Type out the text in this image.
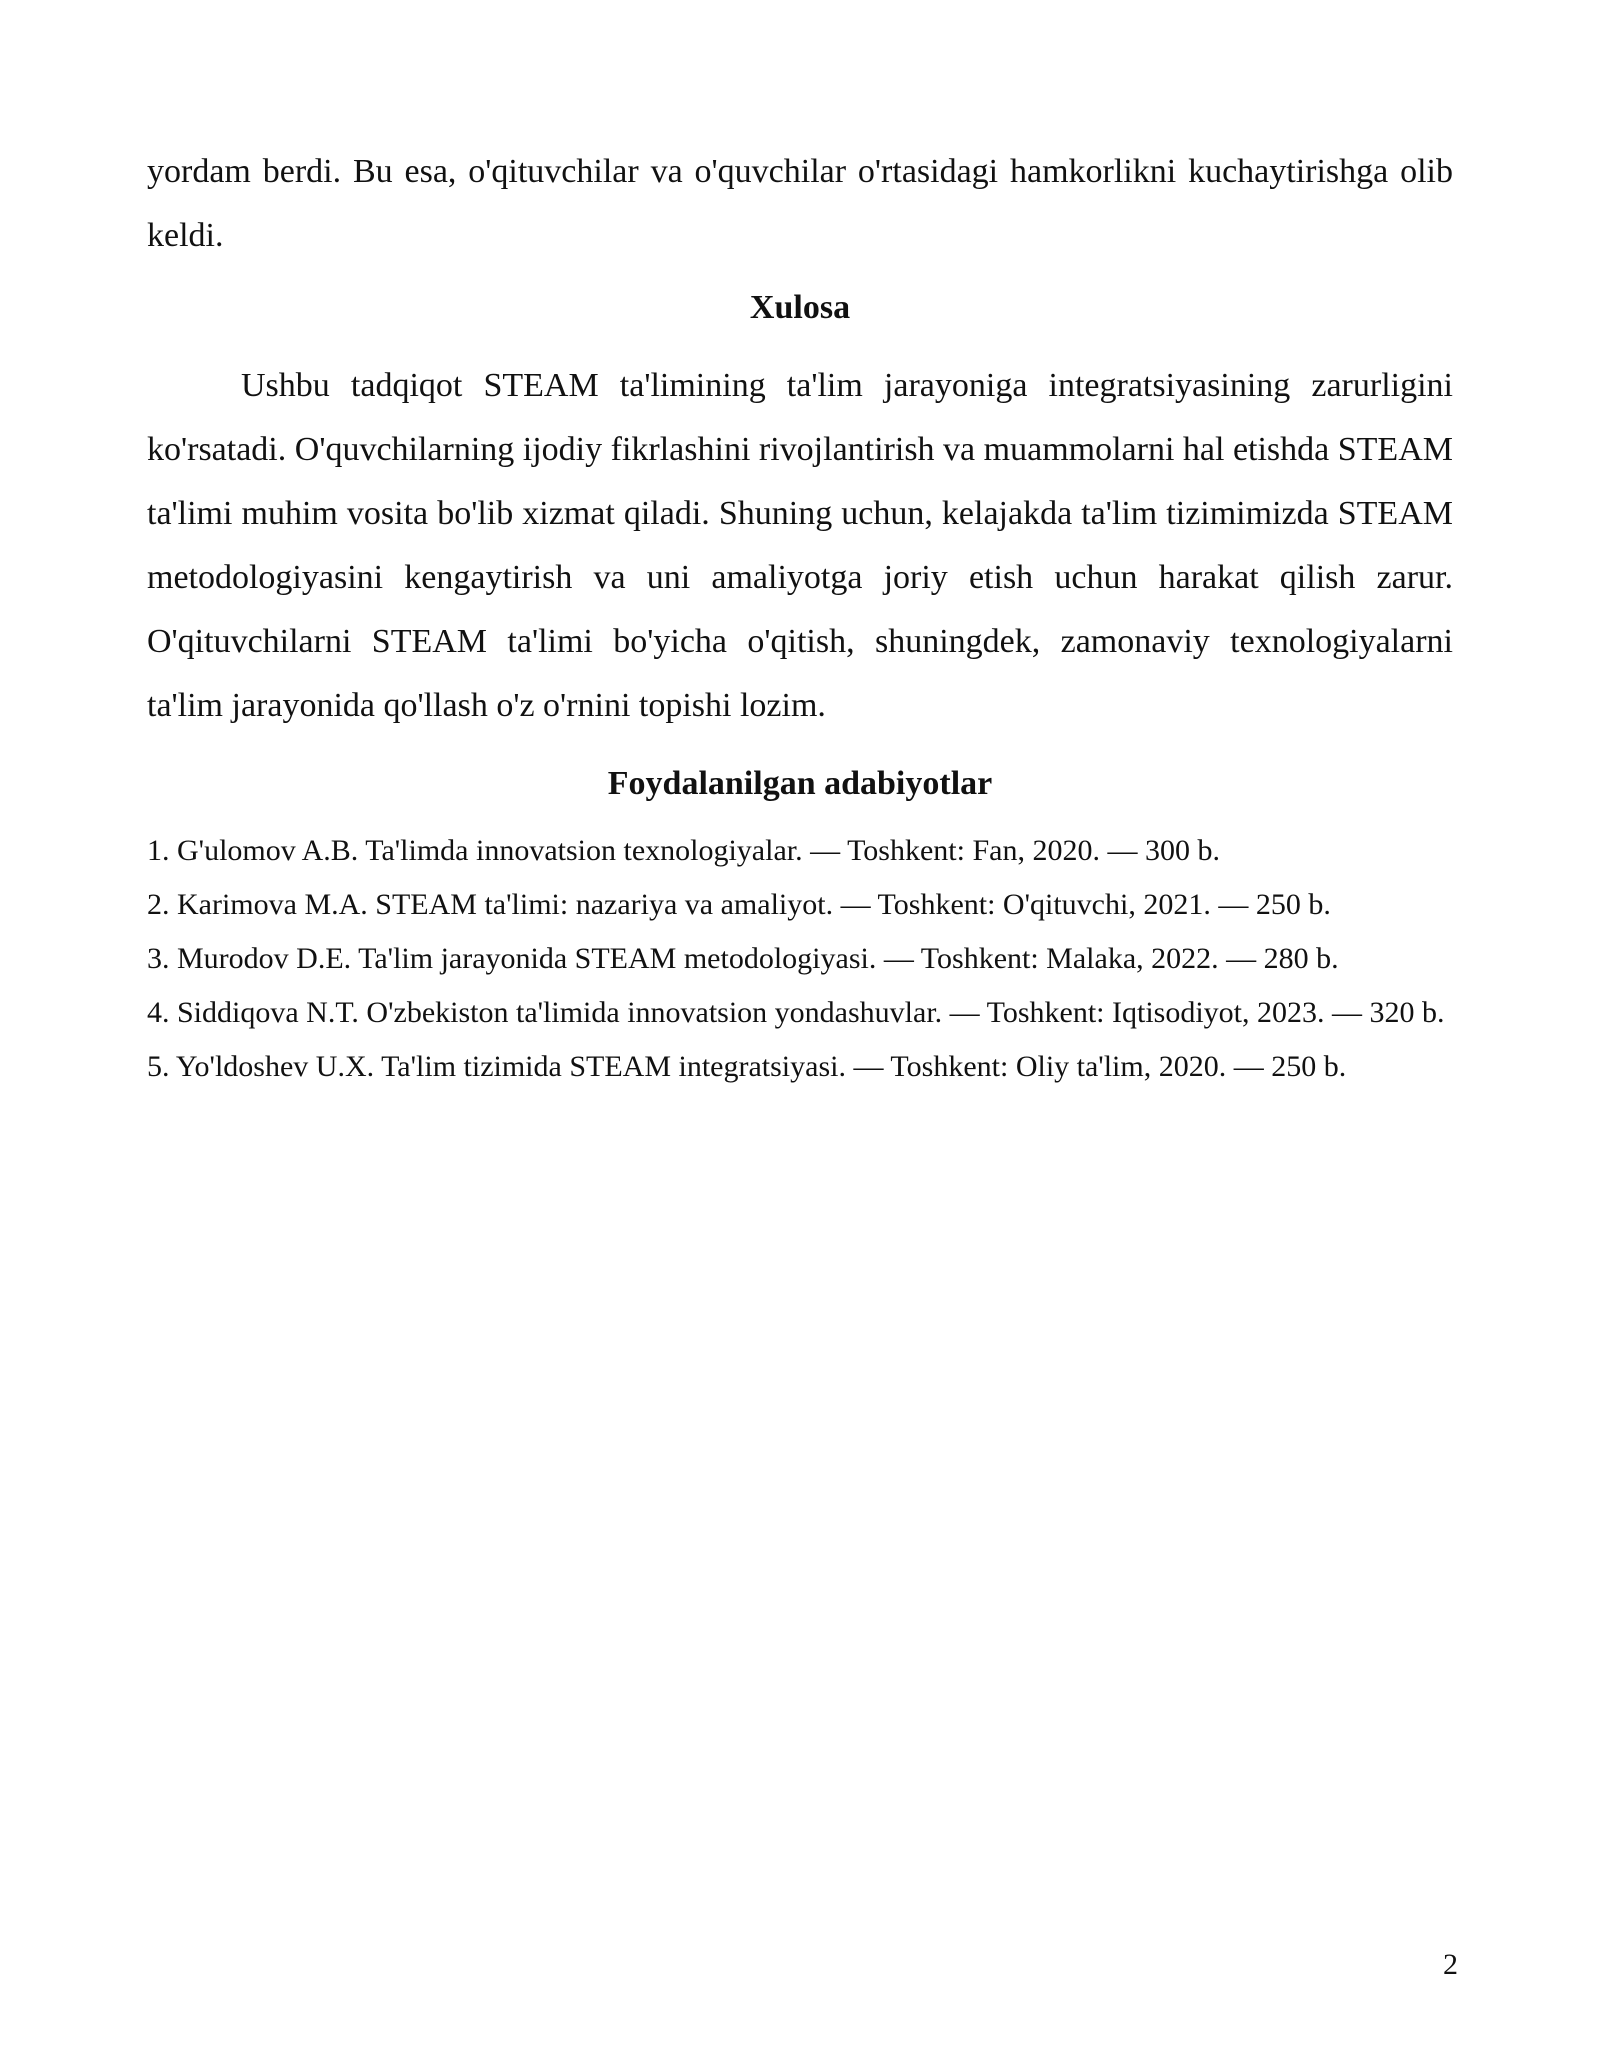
yordam berdi. Bu esa, o'qituvchilar va o'quvchilar o'rtasidagi hamkorlikni kuchaytirishga olib keldi.

Xulosa

Ushbu tadqiqot STEAM ta'limining ta'lim jarayoniga integratsiyasining zarurligini ko'rsatadi. O'quvchilarning ijodiy fikrlashini rivojlantirish va muammolarni hal etishda STEAM ta'limi muhim vosita bo'lib xizmat qiladi. Shuning uchun, kelajakda ta'lim tizimimizda STEAM metodologiyasini kengaytirish va uni amaliyotga joriy etish uchun harakat qilish zarur. O'qituvchilarni STEAM ta'limi bo'yicha o'qitish, shuningdek, zamonaviy texnologiyalarni ta'lim jarayonida qo'llash o'z o'rnini topishi lozim.

Foydalanilgan adabiyotlar
1. G'ulomov A.B. Ta'limda innovatsion texnologiyalar. — Toshkent: Fan, 2020. — 300 b.
2. Karimova M.A. STEAM ta'limi: nazariya va amaliyot. — Toshkent: O'qituvchi, 2021. — 250 b.
3. Murodov D.E. Ta'lim jarayonida STEAM metodologiyasi. — Toshkent: Malaka, 2022. — 280 b.
4. Siddiqova N.T. O'zbekiston ta'limida innovatsion yondashuvlar. — Toshkent: Iqtisodiyot, 2023. — 320 b.
5. Yo'ldoshev U.X. Ta'lim tizimida STEAM integratsiyasi. — Toshkent: Oliy ta'lim, 2020. — 250 b.
2
